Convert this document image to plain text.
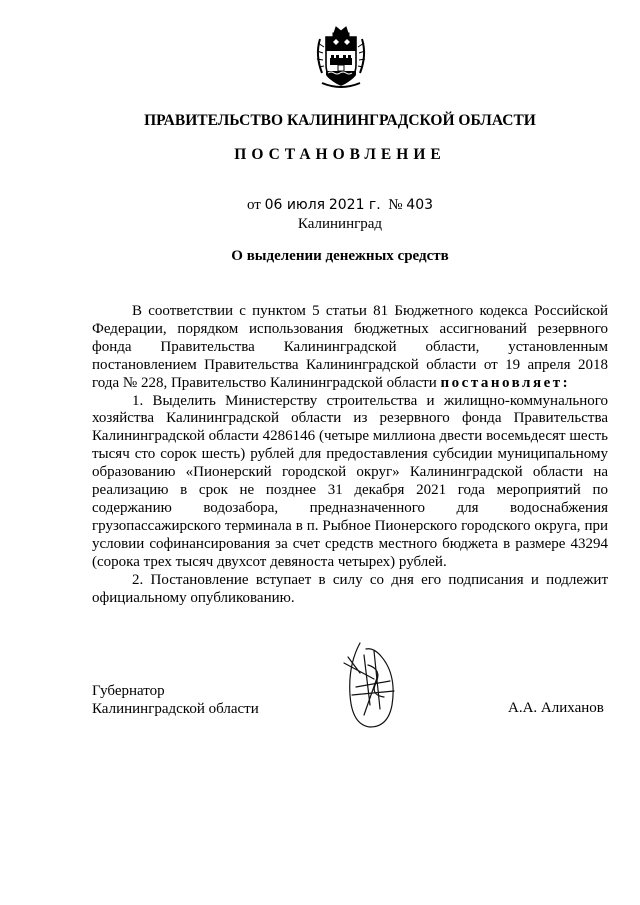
ПРАВИТЕЛЬСТВО КАЛИНИНГРАДСКОЙ ОБЛАСТИ
ПОСТАНОВЛЕНИЕ
от 06 июля 2021 г. № 403
Калининград
О выделении денежных средств

В соответствии с пунктом 5 статьи 81 Бюджетного кодекса Российской Федерации, порядком использования бюджетных ассигнований резервного фонда Правительства Калининградской области, установленным постановлением Правительства Калининградской области от 19 апреля 2018 года № 228, Правительство Калининградской области постановляет:

1. Выделить Министерству строительства и жилищно-коммунального хозяйства Калининградской области из резервного фонда Правительства Калининградской области 4286146 (четыре миллиона двести восемьдесят шесть тысяч сто сорок шесть) рублей для предоставления субсидии муниципальному образованию «Пионерский городской округ» Калининградской области на реализацию в срок не позднее 31 декабря 2021 года мероприятий по содержанию водозабора, предназначенного для водоснабжения грузопассажирского терминала в п. Рыбное Пионерского городского округа, при условии софинансирования за счет средств местного бюджета в размере 43294 (сорока трех тысяч двухсот девяноста четырех) рублей.

2. Постановление вступает в силу со дня его подписания и подлежит официальному опубликованию.

Губернатор
Калининградской области	А.А. Алиханов
